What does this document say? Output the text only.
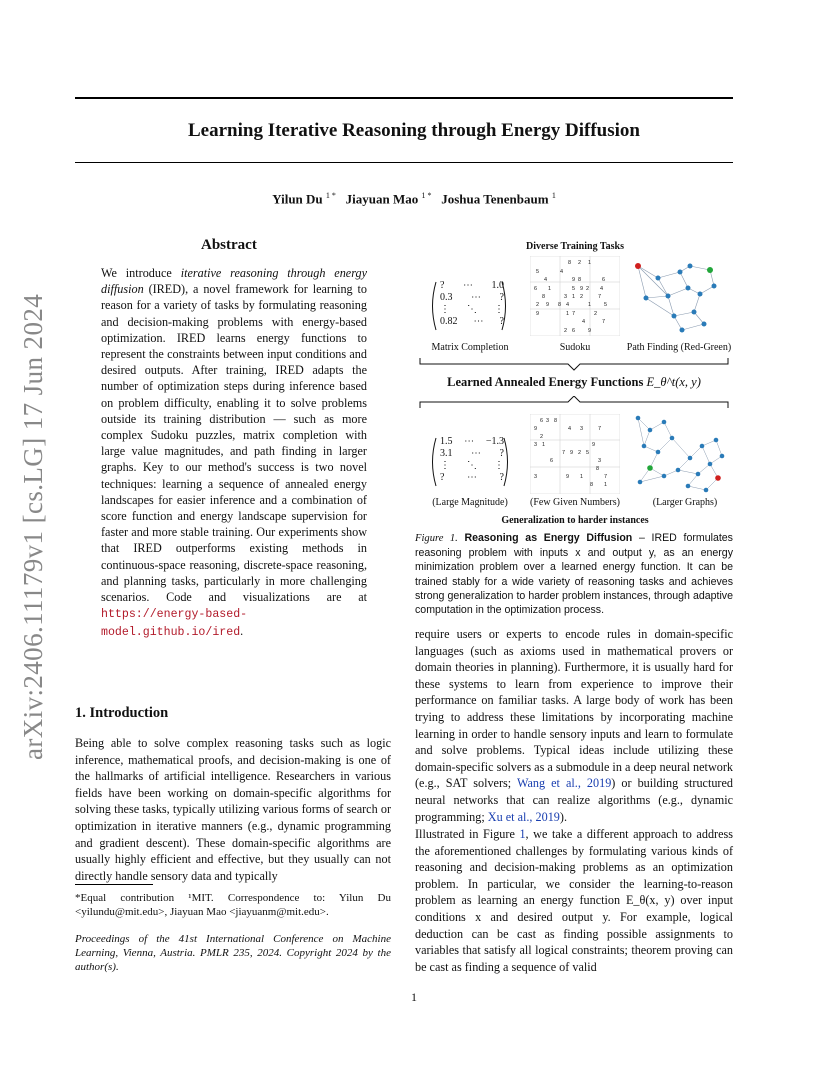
Learning Iterative Reasoning through Energy Diffusion
Yilun Du $^{1 *}$ Jiayuan Mao $^{1 *}$ Joshua Tenenbaum $^1$
arXiv:2406.11179v1 [cs.LG] 17 Jun 2024
Abstract
We introduce iterative reasoning through energy diffusion (IRED), a novel framework for learning to reason for a variety of tasks by formulating reasoning and decision-making problems with energy-based optimization. IRED learns energy functions to represent the constraints between input conditions and desired outputs. After training, IRED adapts the number of optimization steps during inference based on problem difficulty, enabling it to solve problems outside its training distribution — such as more complex Sudoku puzzles, matrix completion with large value magnitudes, and path finding in larger graphs. Key to our method's success is two novel techniques: learning a sequence of annealed energy landscapes for easier inference and a combination of score function and energy landscape supervision for faster and more stable training. Our experiments show that IRED outperforms existing methods in continuous-space reasoning, discrete-space reasoning, and planning tasks, particularly in more challenging scenarios. Code and visualizations are at https://energy-based-model.github.io/ired.
1. Introduction
Being able to solve complex reasoning tasks such as logic inference, mathematical proofs, and decision-making is one of the hallmarks of artificial intelligence. Researchers in various fields have been working on domain-specific algorithms for solving these tasks, typically utilizing various forms of search or optimization in iterative manners (e.g., dynamic programming and gradient descent). These domain-specific algorithms are usually highly efficient and effective, but they usually can not directly handle sensory data and typically
*Equal contribution ¹MIT. Correspondence to: Yilun Du <yilundu@mit.edu>, Jiayuan Mao <jiayuanm@mit.edu>.
Proceedings of the 41st International Conference on Machine Learning, Vienna, Austria. PMLR 235, 2024. Copyright 2024 by the author(s).
Diverse Training Tasks
? ⋯ 1.0
0.3 ⋯ ?
⋮ ⋱ ⋮
0.82 ⋯ ?
8 2 1
5	4
4	9 8	6
6 1	5 9 2 4
8	3 1 2	7
2 9 8 4	1 5
9	1 7	2
4	7
2 6 9
Matrix Completion	Sudoku	Path Finding (Red-Green)
Learned Annealed Energy Functions E_θ^t(x, y)
1.5 ⋯ −1.3
3.1 ⋯ ?
⋮ ⋱ ⋮
? ⋯ ?
6 3 8
9	4 3	7
2
3 1	9
7 9 2 5
6	3
8
3	9 1	7
8 1
(Large Magnitude)	(Few Given Numbers)	(Larger Graphs)
Generalization to harder instances
Figure 1. Reasoning as Energy Diffusion – IRED formulates reasoning problem with inputs x and output y, as an energy minimization problem over a learned energy function. It can be trained stably for a wide variety of reasoning tasks and achieves strong generalization to harder problem instances, through adaptive computation in the optimization process.
require users or experts to encode rules in domain-specific languages (such as axioms used in mathematical provers or domain theories in planning). Furthermore, it is usually hard for these systems to learn from experience to improve their performance on familiar tasks. A large body of work has been trying to address these limitations by incorporating machine learning in order to handle sensory inputs and learn to formulate and solve problems. Typical ideas include utilizing these domain-specific solvers as a submodule in a deep neural network (e.g., SAT solvers; Wang et al., 2019) or building structured neural networks that can realize algorithms (e.g., dynamic programming; Xu et al., 2019).
Illustrated in Figure 1, we take a different approach to address the aforementioned challenges by formulating various kinds of reasoning and decision-making problems as an optimization problem. In particular, we consider the learning-to-reason problem as learning an energy function E_θ(x, y) over input conditions x and desired output y. For example, logical deduction can be cast as finding possible assignments to variables that satisfy all logical constraints; theorem proving can be cast as finding a sequence of valid
1
